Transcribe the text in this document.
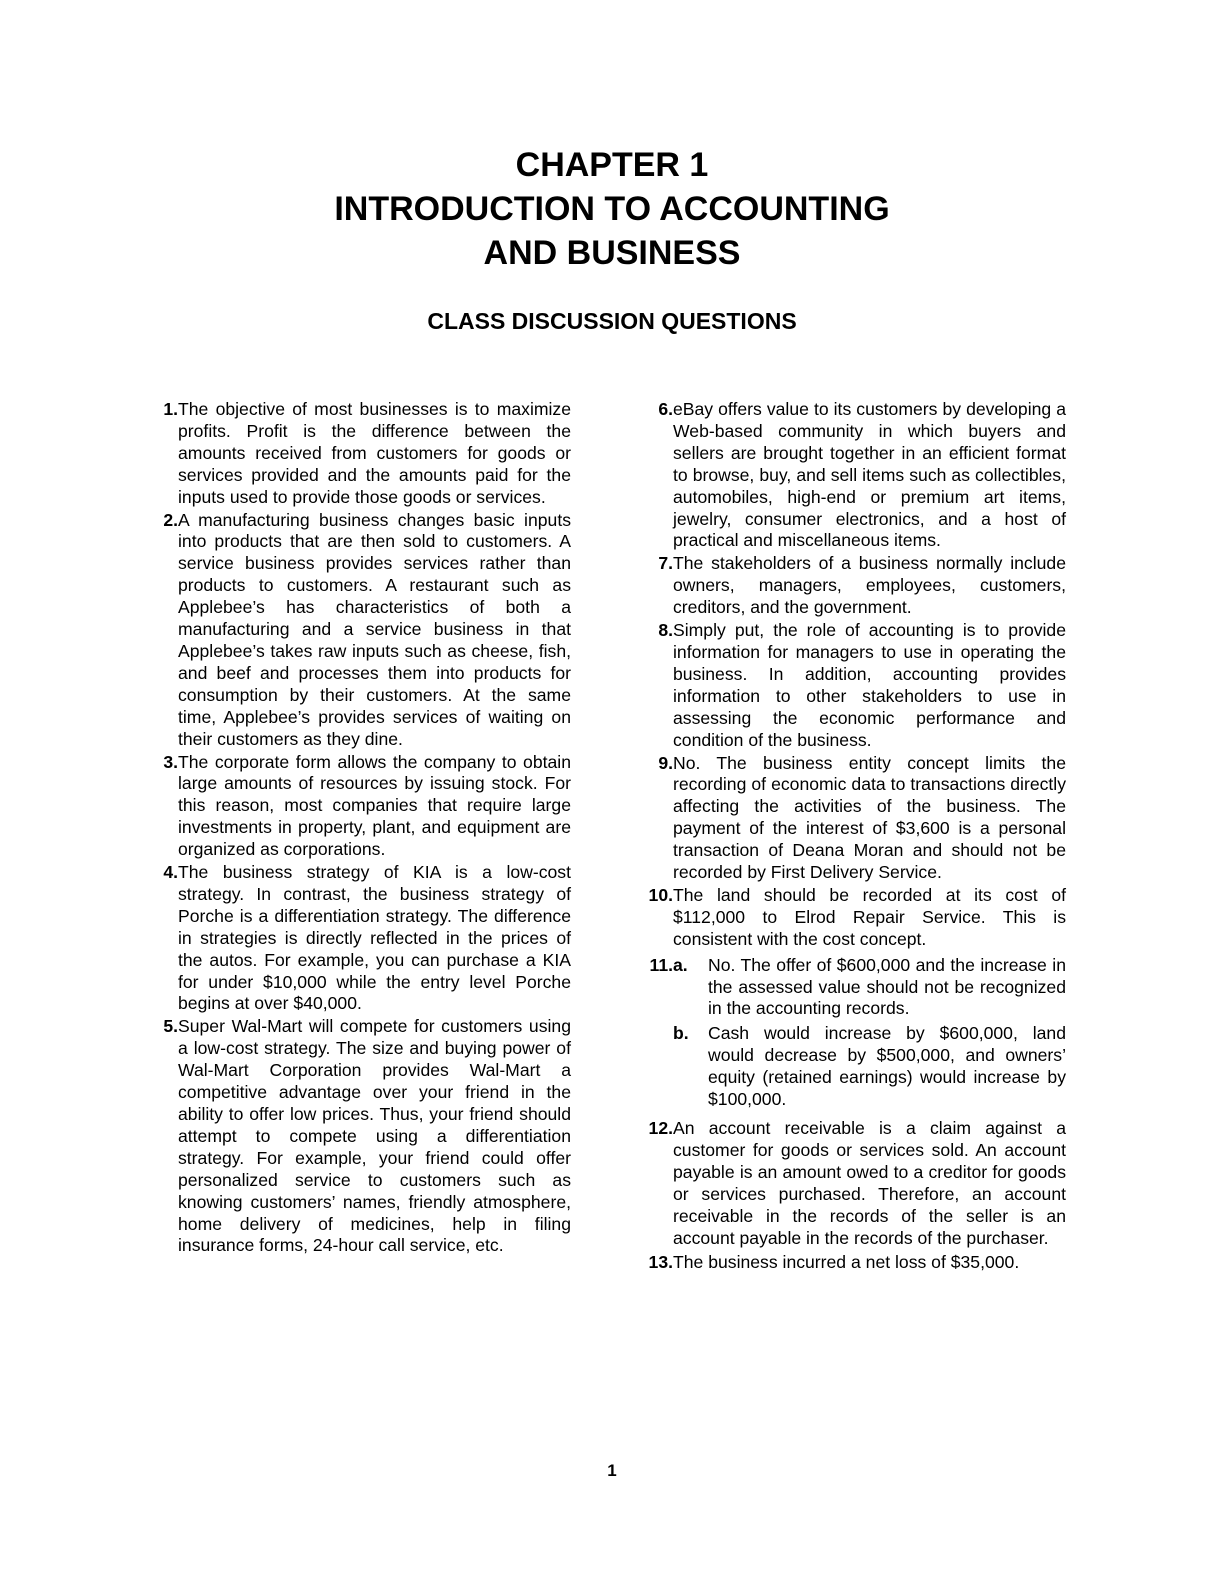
CHAPTER 1
INTRODUCTION TO ACCOUNTING
AND BUSINESS
CLASS DISCUSSION QUESTIONS
1. The objective of most businesses is to maximize profits. Profit is the difference between the amounts received from customers for goods or services provided and the amounts paid for the inputs used to provide those goods or services.
2. A manufacturing business changes basic inputs into products that are then sold to customers. A service business provides services rather than products to customers. A restaurant such as Applebee’s has characteristics of both a manufacturing and a service business in that Applebee’s takes raw inputs such as cheese, fish, and beef and processes them into products for consumption by their customers. At the same time, Applebee’s provides services of waiting on their customers as they dine.
3. The corporate form allows the company to obtain large amounts of resources by issuing stock. For this reason, most companies that require large investments in property, plant, and equipment are organized as corporations.
4. The business strategy of KIA is a low-cost strategy. In contrast, the business strategy of Porche is a differentiation strategy. The difference in strategies is directly reflected in the prices of the autos. For example, you can purchase a KIA for under $10,000 while the entry level Porche begins at over $40,000.
5. Super Wal-Mart will compete for customers using a low-cost strategy. The size and buying power of Wal-Mart Corporation provides Wal-Mart a competitive advantage over your friend in the ability to offer low prices. Thus, your friend should attempt to compete using a differentiation strategy. For example, your friend could offer personalized service to customers such as knowing customers’ names, friendly atmosphere, home delivery of medicines, help in filing insurance forms, 24-hour call service, etc.
6. eBay offers value to its customers by developing a Web-based community in which buyers and sellers are brought together in an efficient format to browse, buy, and sell items such as collectibles, automobiles, high-end or premium art items, jewelry, consumer electronics, and a host of practical and miscellaneous items.
7. The stakeholders of a business normally include owners, managers, employees, customers, creditors, and the government.
8. Simply put, the role of accounting is to provide information for managers to use in operating the business. In addition, accounting provides information to other stakeholders to use in assessing the economic performance and condition of the business.
9. No. The business entity concept limits the recording of economic data to transactions directly affecting the activities of the business. The payment of the interest of $3,600 is a personal transaction of Deana Moran and should not be recorded by First Delivery Service.
10. The land should be recorded at its cost of $112,000 to Elrod Repair Service. This is consistent with the cost concept.
11. a.	No. The offer of $600,000 and the increase in the assessed value should not be recognized in the accounting records.
b.	Cash would increase by $600,000, land would decrease by $500,000, and owners’ equity (retained earnings) would increase by $100,000.
12. An account receivable is a claim against a customer for goods or services sold. An account payable is an amount owed to a creditor for goods or services purchased. Therefore, an account receivable in the records of the seller is an account payable in the records of the purchaser.
13. The business incurred a net loss of $35,000.
1
